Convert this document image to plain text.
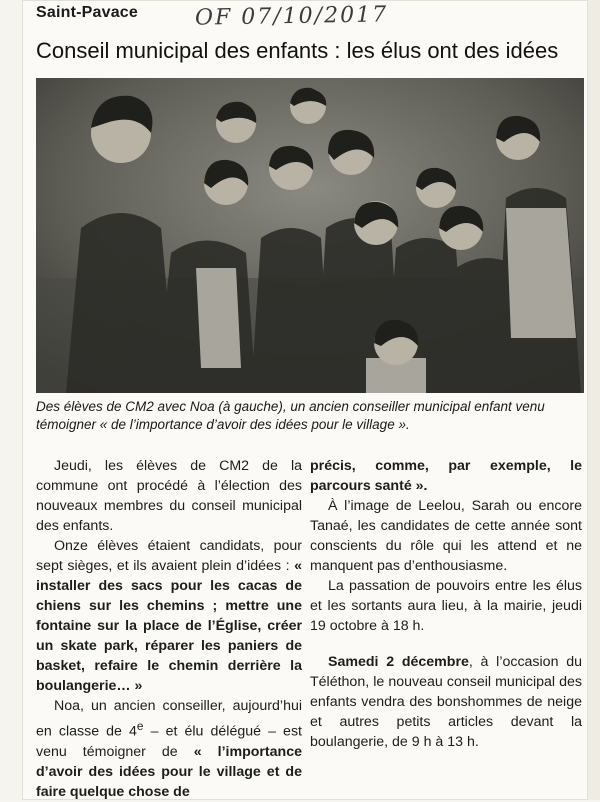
Saint-Pavace	OF 07/10/2017
Conseil municipal des enfants : les élus ont des idées
Des élèves de CM2 avec Noa (à gauche), un ancien conseiller municipal enfant venu témoigner « de l’importance d’avoir des idées pour le village ».

Jeudi, les élèves de CM2 de la commune ont procédé à l’élection des nouveaux membres du conseil municipal des enfants.

Onze élèves étaient candidats, pour sept sièges, et ils avaient plein d’idées : « installer des sacs pour les cacas de chiens sur les chemins ; mettre une fontaine sur la place de l’Église, créer un skate park, réparer les paniers de basket, refaire le chemin derrière la boulangerie… »

Noa, un ancien conseiller, aujourd’hui en classe de 4e – et élu délégué – est venu témoigner de « l’importance d’avoir des idées pour le village et de faire quelque chose de

précis, comme, par exemple, le parcours santé ».

À l’image de Leelou, Sarah ou encore Tanaé, les candidates de cette année sont conscients du rôle qui les attend et ne manquent pas d’enthousiasme.

La passation de pouvoirs entre les élus et les sortants aura lieu, à la mairie, jeudi 19 octobre à 18 h.

Samedi 2 décembre, à l’occasion du Téléthon, le nouveau conseil municipal des enfants vendra des bonshommes de neige et autres petits articles devant la boulangerie, de 9 h à 13 h.
